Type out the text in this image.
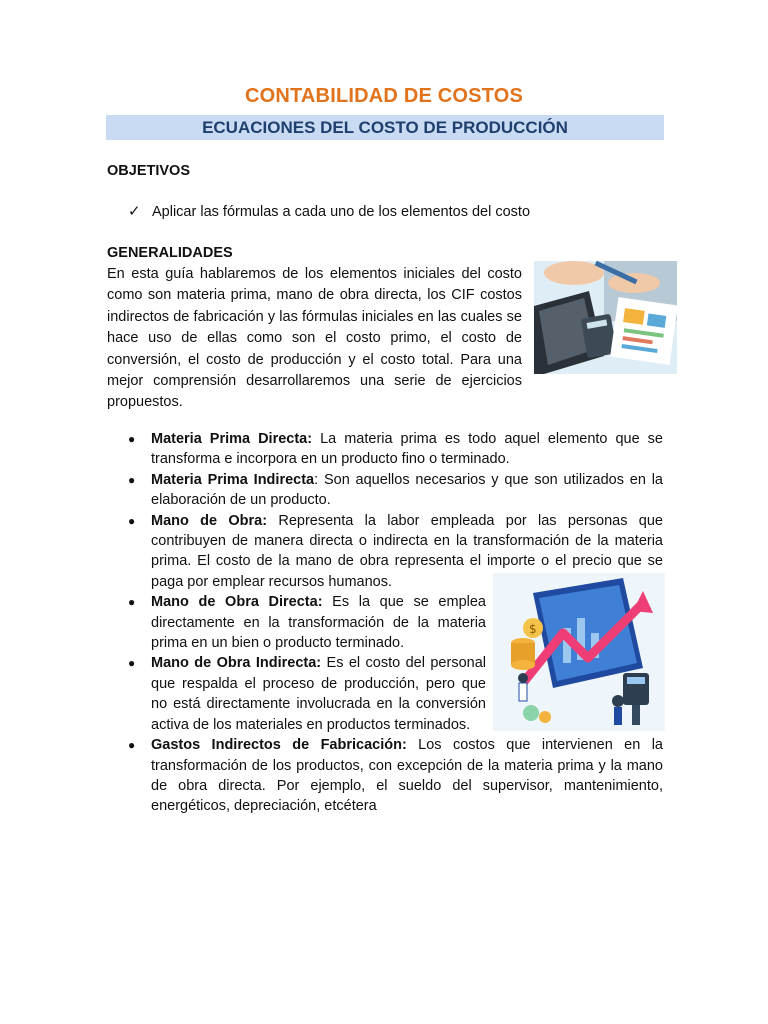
CONTABILIDAD DE COSTOS
ECUACIONES DEL COSTO DE PRODUCCIÓN
OBJETIVOS
✓ Aplicar las fórmulas a cada uno de los elementos del costo
GENERALIDADES
En esta guía hablaremos de los elementos iniciales del costo como son materia prima, mano de obra directa, los CIF costos indirectos de fabricación y las fórmulas iniciales en las cuales se hace uso de ellas como son el costo primo, el costo de conversión, el costo de producción y el costo total. Para una mejor comprensión desarrollaremos una serie de ejercicios propuestos.
$
● Materia Prima Directa: La materia prima es todo aquel elemento que se transforma e incorpora en un producto fino o terminado.
● Materia Prima Indirecta: Son aquellos necesarios y que son utilizados en la elaboración de un producto.
● Mano de Obra: Representa la labor empleada por las personas que contribuyen de manera directa o indirecta en la transformación de la materia prima. El costo de la mano de obra representa el importe o el precio que se paga por emplear recursos humanos.
● Mano de Obra Directa: Es la que se emplea directamente en la transformación de la materia prima en un bien o producto terminado.
● Mano de Obra Indirecta: Es el costo del personal que respalda el proceso de producción, pero que no está directamente involucrada en la conversión activa de los materiales en productos terminados.
● Gastos Indirectos de Fabricación: Los costos que intervienen en la transformación de los productos, con excepción de la materia prima y la mano de obra directa. Por ejemplo, el sueldo del supervisor, mantenimiento, energéticos, depreciación, etcétera
